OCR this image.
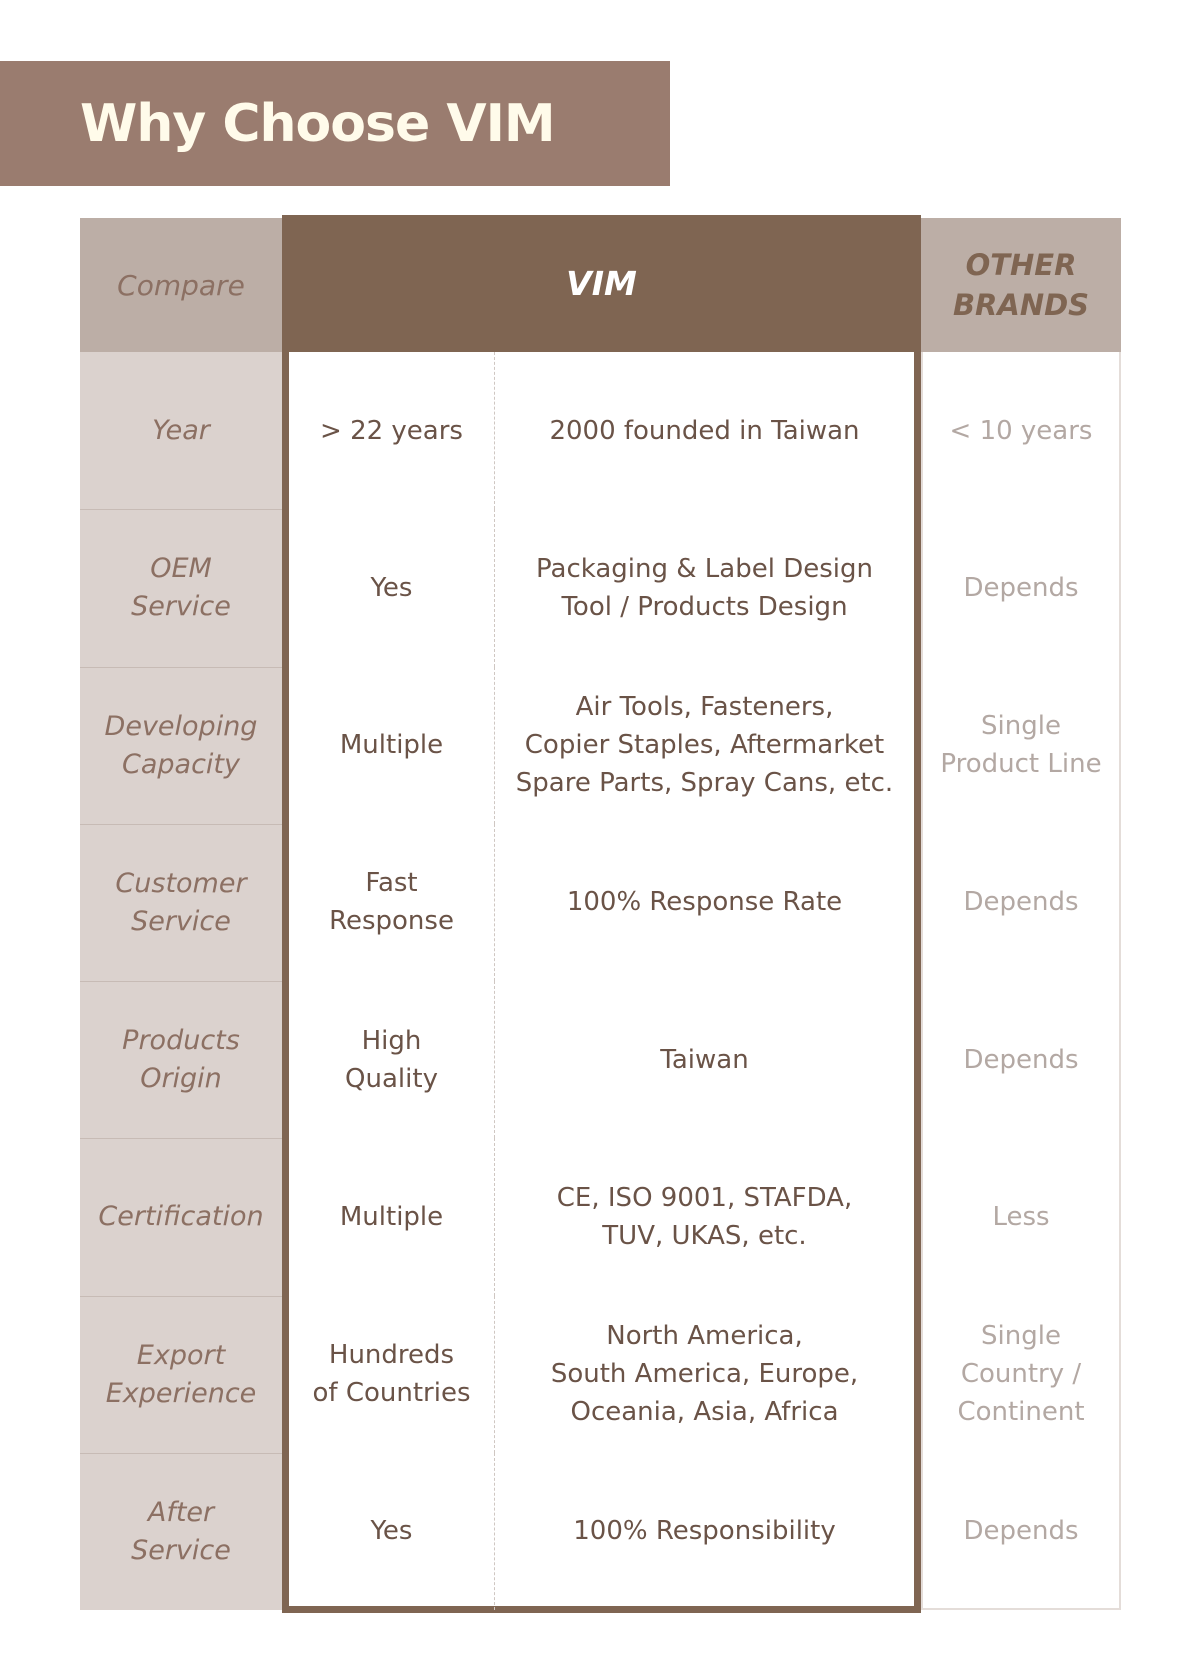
Why Choose VIM
Compare
Year
OEM
Service
Developing
Capacity
Customer
Service
Products
Origin
Certification
Export
Experience
After
Service
VIM
> 22 years	2000 founded in Taiwan
Yes
Packaging & Label Design
Tool / Products Design
Multiple
Air Tools, Fasteners,
Copier Staples, Aftermarket
Spare Parts, Spray Cans, etc.
Fast
Response
100% Response Rate
High
Quality
Taiwan
Multiple
CE, ISO 9001, STAFDA,
TUV, UKAS, etc.
Hundreds
of Countries
North America,
South America, Europe,
Oceania, Asia, Africa
Yes	100% Responsibility
OTHER
BRANDS
< 10 years
Depends
Single
Product Line
Depends
Depends
Less
Single
Country /
Continent
Depends
